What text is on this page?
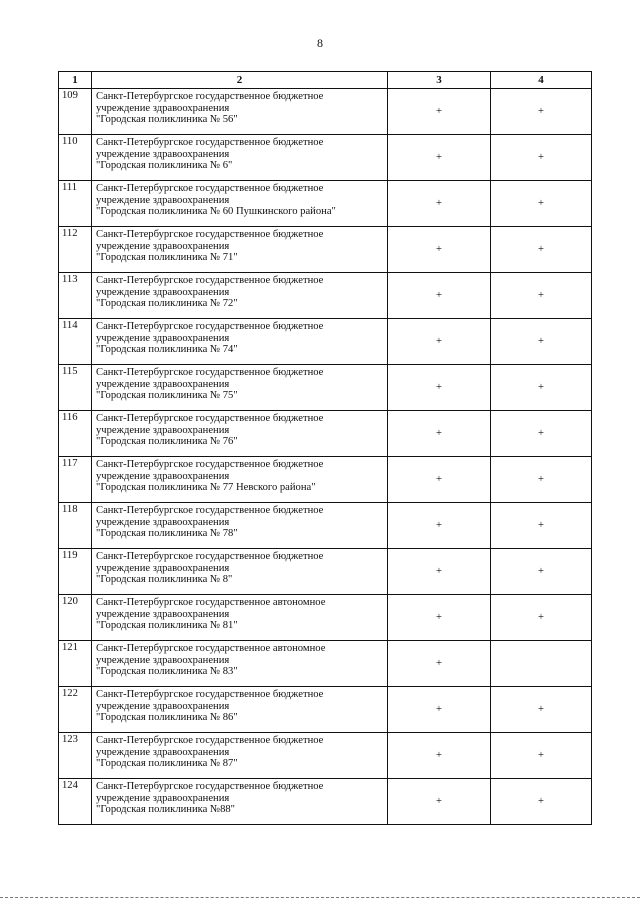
8
1	2	3	4
109	Санкт-Петербургское государственное бюджетное
учреждение здравоохранения
"Городская поликлиника № 56"	+	+
110	Санкт-Петербургское государственное бюджетное
учреждение здравоохранения
"Городская поликлиника № 6"	+	+
111	Санкт-Петербургское государственное бюджетное
учреждение здравоохранения
"Городская поликлиника № 60 Пушкинского района"	+	+
112	Санкт-Петербургское государственное бюджетное
учреждение здравоохранения
"Городская поликлиника № 71"	+	+
113	Санкт-Петербургское государственное бюджетное
учреждение здравоохранения
"Городская поликлиника № 72"	+	+
114	Санкт-Петербургское государственное бюджетное
учреждение здравоохранения
"Городская поликлиника № 74"	+	+
115	Санкт-Петербургское государственное бюджетное
учреждение здравоохранения
"Городская поликлиника № 75"	+	+
116	Санкт-Петербургское государственное бюджетное
учреждение здравоохранения
"Городская поликлиника № 76"	+	+
117	Санкт-Петербургское государственное бюджетное
учреждение здравоохранения
"Городская поликлиника № 77 Невского района"	+	+
118	Санкт-Петербургское государственное бюджетное
учреждение здравоохранения
"Городская поликлиника № 78"	+	+
119	Санкт-Петербургское государственное бюджетное
учреждение здравоохранения
"Городская поликлиника № 8"	+	+
120	Санкт-Петербургское государственное автономное
учреждение здравоохранения
"Городская поликлиника № 81"	+	+
121	Санкт-Петербургское государственное автономное
учреждение здравоохранения
"Городская поликлиника № 83"	+	
122	Санкт-Петербургское государственное бюджетное
учреждение здравоохранения
"Городская поликлиника № 86"	+	+
123	Санкт-Петербургское государственное бюджетное
учреждение здравоохранения
"Городская поликлиника № 87"	+	+
124	Санкт-Петербургское государственное бюджетное
учреждение здравоохранения
"Городская поликлиника №88"	+	+
